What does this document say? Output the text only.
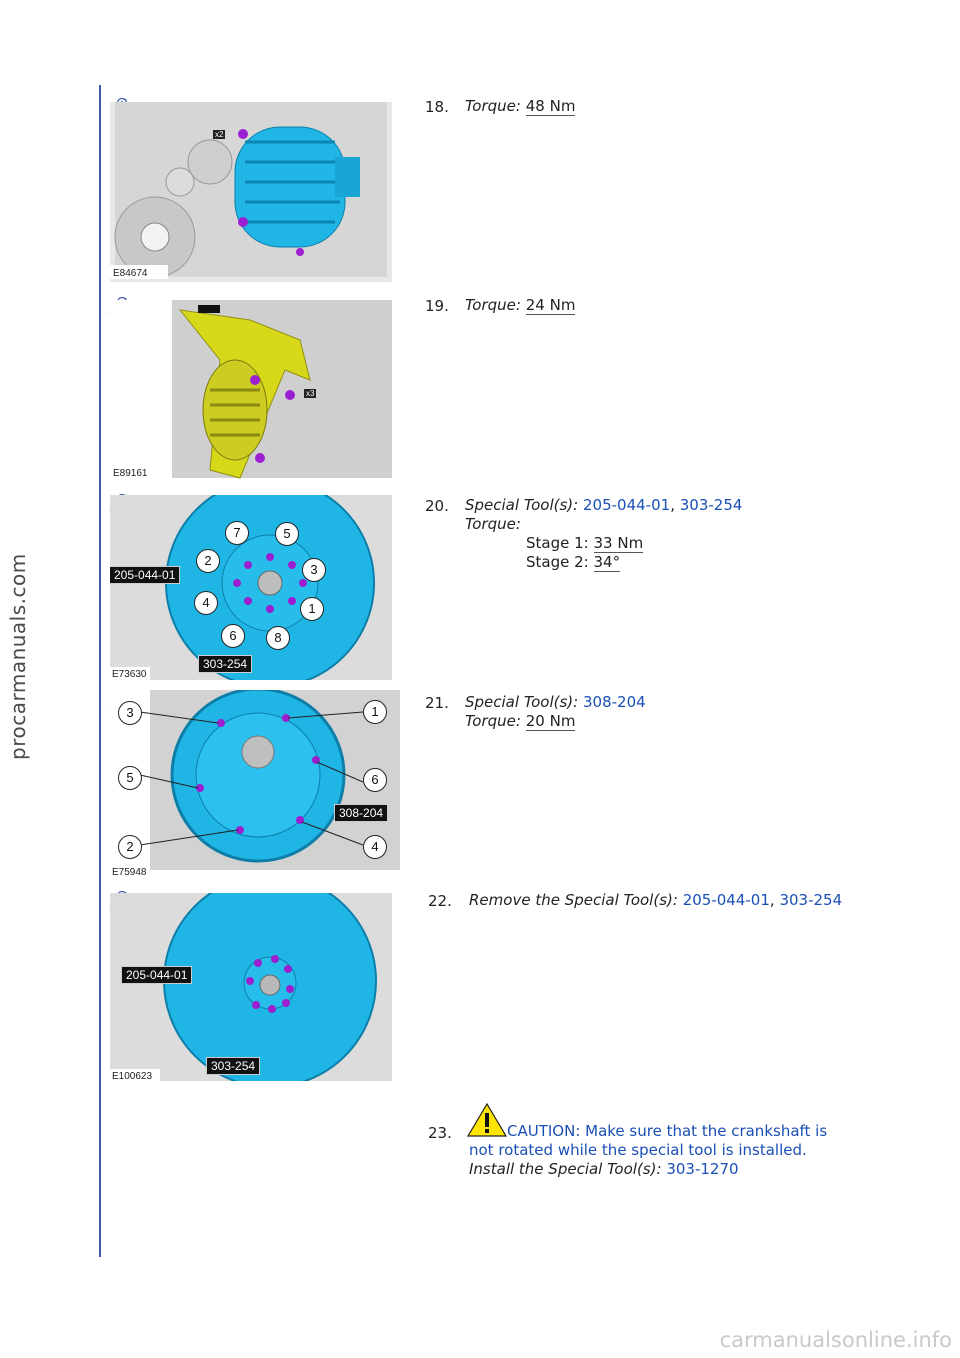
procarmanuals.com
carmanualsonline.info
E84674
x2
18. Torque: 48 Nm
E89161
x3
19. Torque: 24 Nm
E73630
205-044-01
303-254
7	5
2
3
4	1
6	8
20. Special Tool(s): 205-044-01, 303-254
Torque:
Stage 1: 33 Nm
Stage 2: 34°
E75948
308-204
3	1
5	6
2	4
21. Special Tool(s): 308-204
Torque: 20 Nm
E100623
205-044-01
303-254
22. Remove the Special Tool(s): 205-044-01, 303-254
23.	CAUTION: Make sure that the crankshaft is
not rotated while the special tool is installed.
Install the Special Tool(s): 303-1270
